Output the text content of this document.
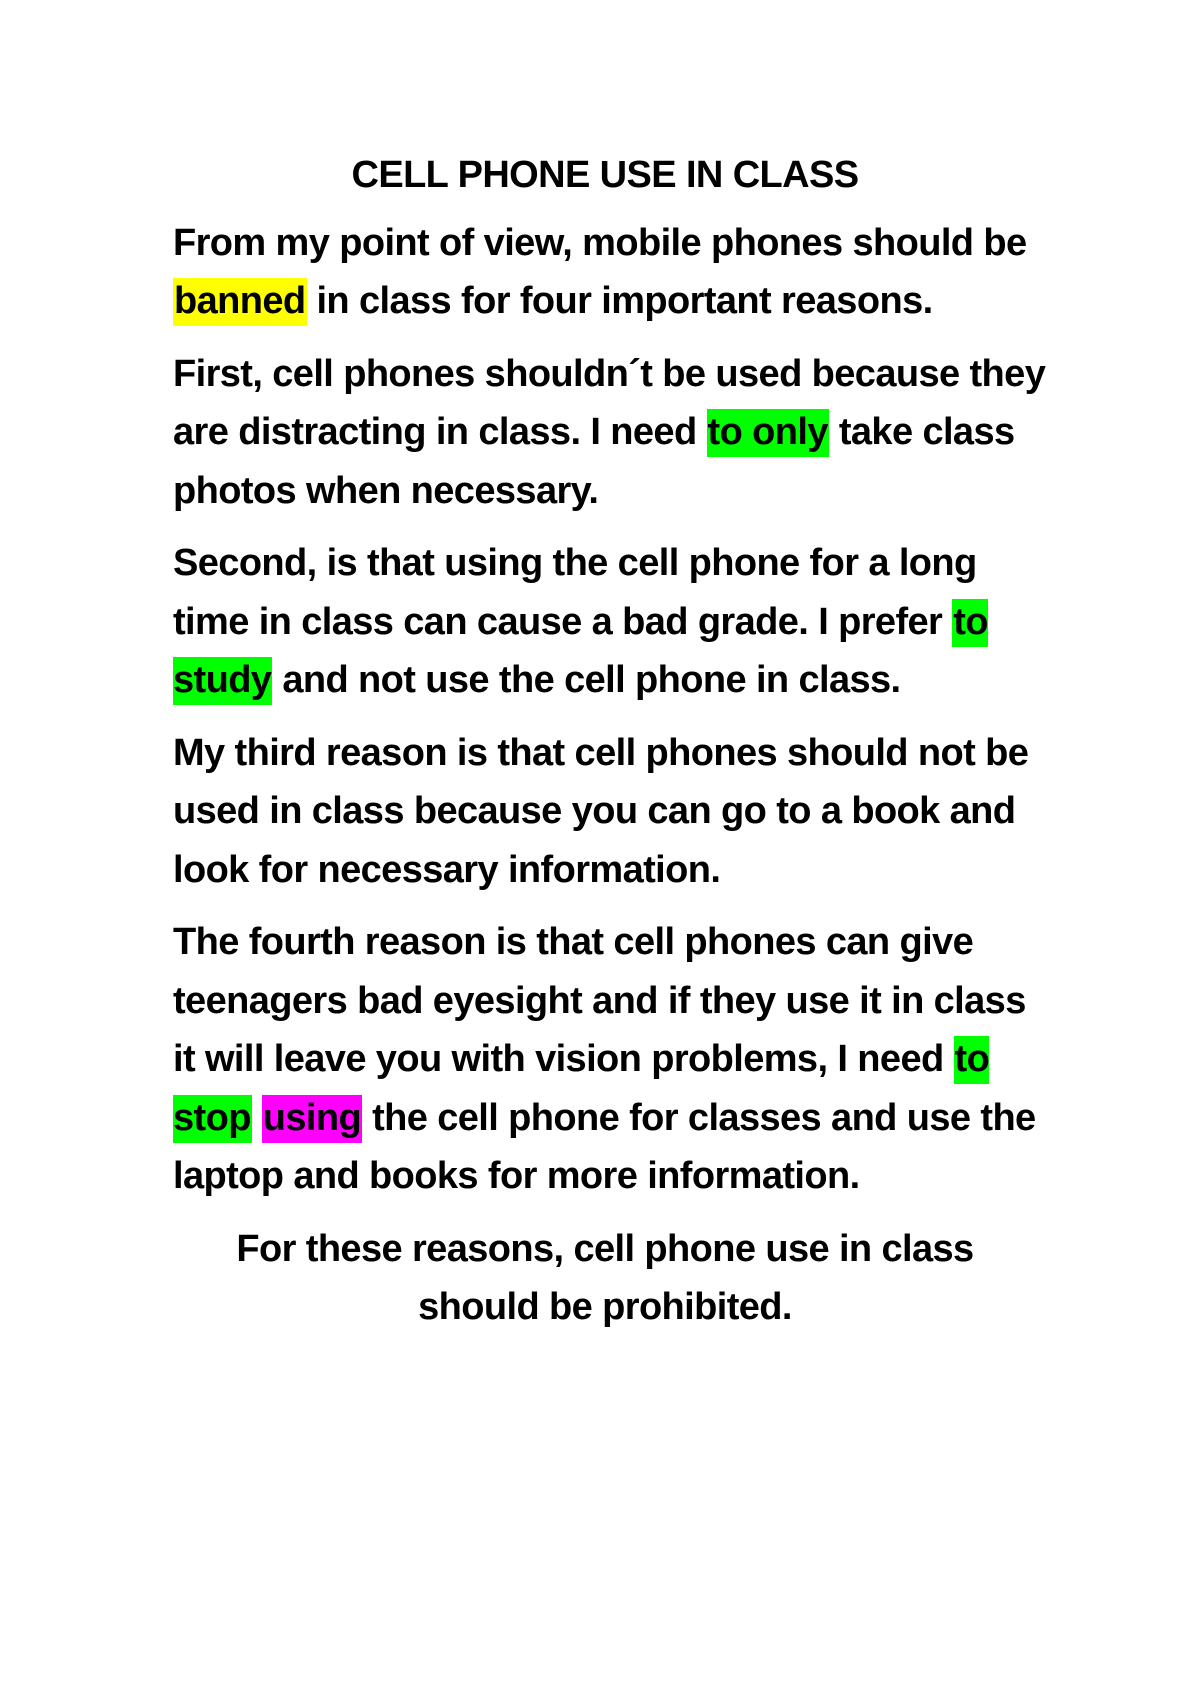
CELL PHONE USE IN CLASS

From my point of view, mobile phones should be banned in class for four important reasons.

First, cell phones shouldn´t be used because they are distracting in class. I need to only take class photos when necessary.

Second, is that using the cell phone for a long time in class can cause a bad grade. I prefer to study and not use the cell phone in class.

My third reason is that cell phones should not be used in class because you can go to a book and look for necessary information.

The fourth reason is that cell phones can give teenagers bad eyesight and if they use it in class it will leave you with vision problems, I need to stop using the cell phone for classes and use the laptop and books for more information.

For these reasons, cell phone use in class should be prohibited.
